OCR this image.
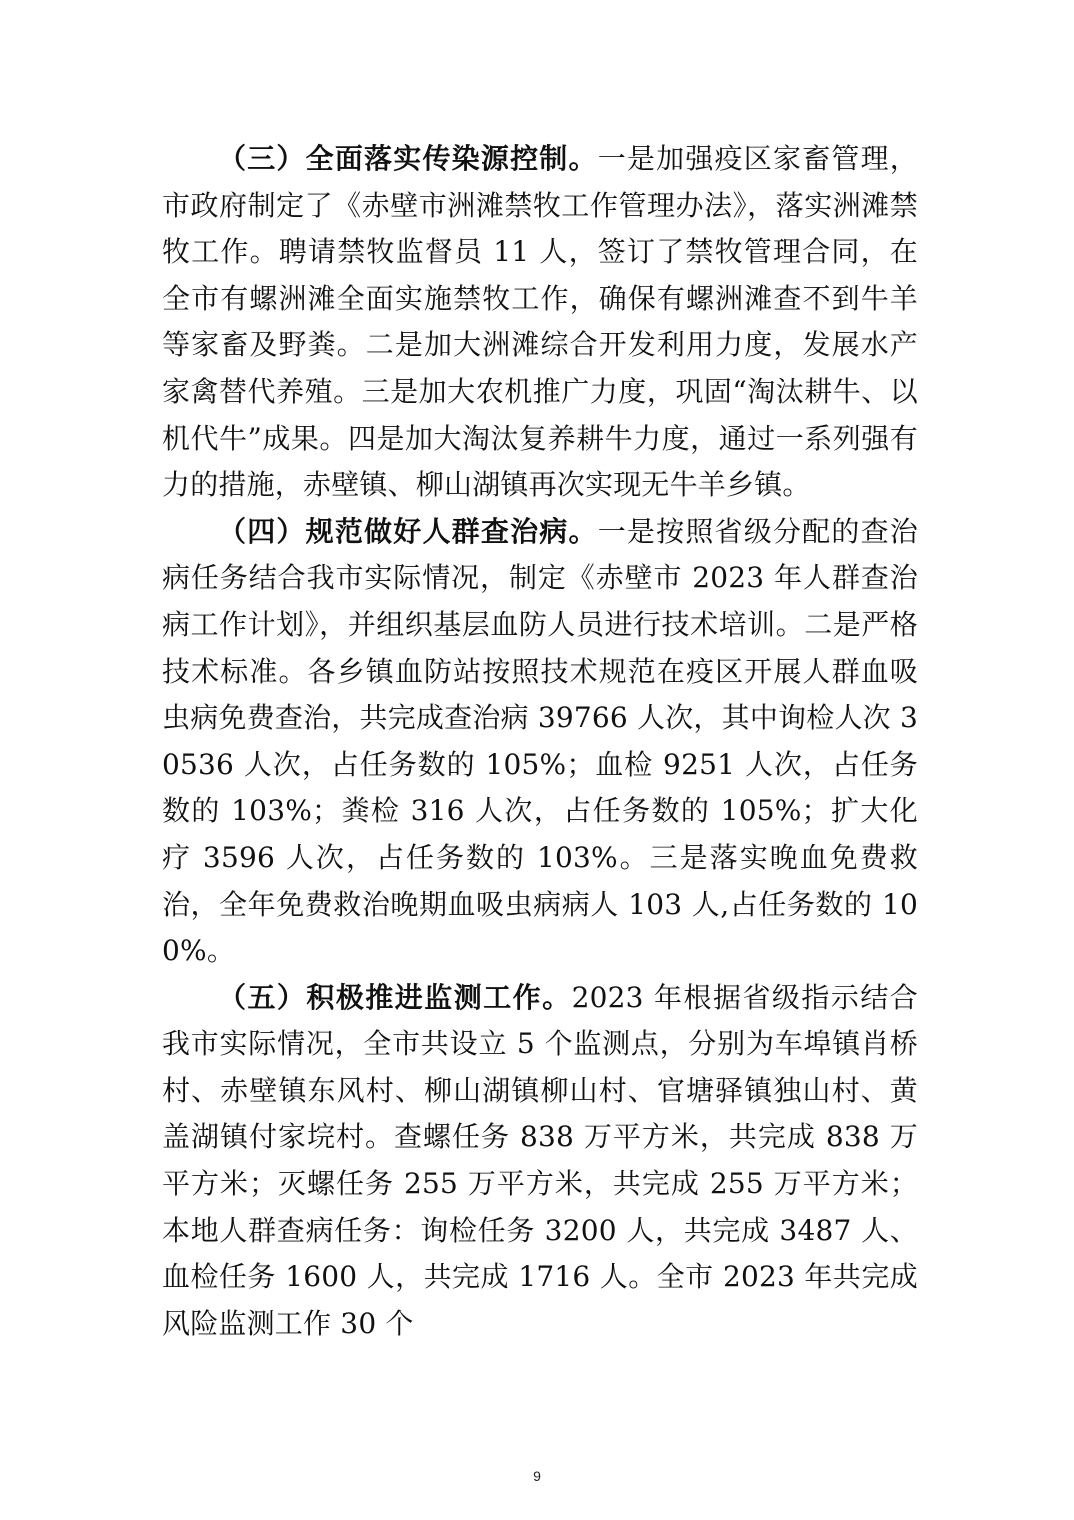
（三）全面落实传染源控制。一是加强疫区家畜管理，市政府制定了《赤壁市洲滩禁牧工作管理办法》，落实洲滩禁牧工作。聘请禁牧监督员 11 人，签订了禁牧管理合同，在全市有螺洲滩全面实施禁牧工作，确保有螺洲滩查不到牛羊等家畜及野粪。二是加大洲滩综合开发利用力度，发展水产家禽替代养殖。三是加大农机推广力度，巩固“淘汰耕牛、以机代牛”成果。四是加大淘汰复养耕牛力度，通过一系列强有力的措施，赤壁镇、柳山湖镇再次实现无牛羊乡镇。

（四）规范做好人群查治病。一是按照省级分配的查治病任务结合我市实际情况，制定《赤壁市 2023 年人群查治病工作计划》，并组织基层血防人员进行技术培训。二是严格技术标准。各乡镇血防站按照技术规范在疫区开展人群血吸虫病免费查治，共完成查治病 39766 人次，其中询检人次 30536 人次，占任务数的 105%；血检 9251 人次，占任务数的 103%；粪检 316 人次，占任务数的 105%；扩大化疗 3596 人次，占任务数的 103%。三是落实晚血免费救治，全年免费救治晚期血吸虫病病人 103 人,占任务数的 100%。

（五）积极推进监测工作。2023 年根据省级指示结合我市实际情况，全市共设立 5 个监测点，分别为车埠镇肖桥村、赤壁镇东风村、柳山湖镇柳山村、官塘驿镇独山村、黄盖湖镇付家垸村。查螺任务 838 万平方米，共完成 838 万平方米；灭螺任务 255 万平方米，共完成 255 万平方米；本地人群查病任务：询检任务 3200 人，共完成 3487 人、血检任务 1600 人，共完成 1716 人。全市 2023 年共完成风险监测工作 30 个

9
